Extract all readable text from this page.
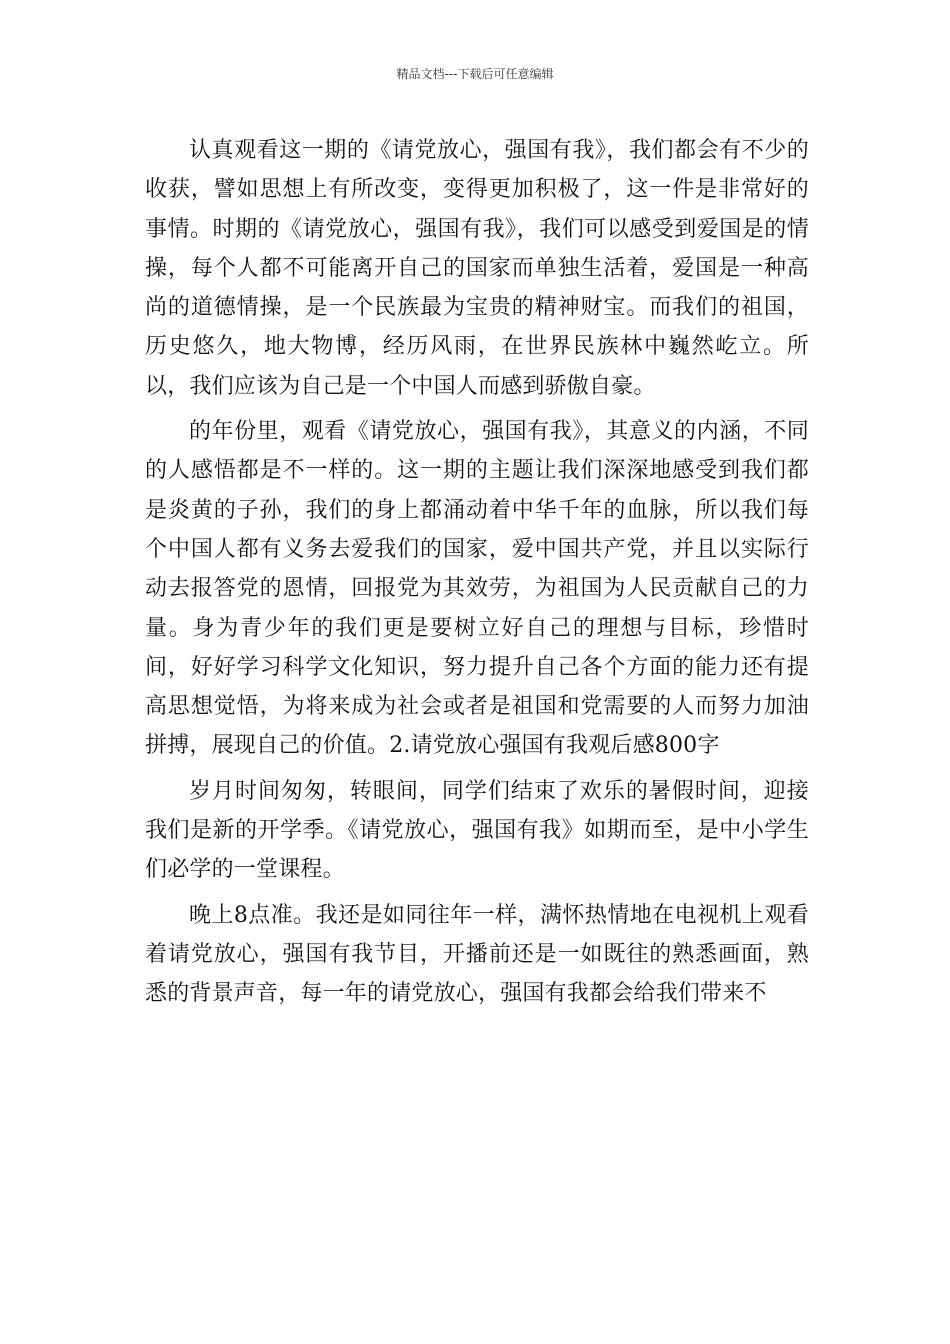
精品文档---下载后可任意编辑

认真观看这一期的《请党放心，强国有我》，我们都会有不少的收获，譬如思想上有所改变，变得更加积极了，这一件是非常好的事情。时期的《请党放心，强国有我》，我们可以感受到爱国是的情操，每个人都不可能离开自己的国家而单独生活着，爱国是一种高尚的道德情操，是一个民族最为宝贵的精神财宝。而我们的祖国，历史悠久，地大物博，经历风雨，在世界民族林中巍然屹立。所以，我们应该为自己是一个中国人而感到骄傲自豪。

的年份里，观看《请党放心，强国有我》，其意义的内涵，不同的人感悟都是不一样的。这一期的主题让我们深深地感受到我们都是炎黄的子孙，我们的身上都涌动着中华千年的血脉，所以我们每个中国人都有义务去爱我们的国家，爱中国共产党，并且以实际行动去报答党的恩情，回报党为其效劳，为祖国为人民贡献自己的力量。身为青少年的我们更是要树立好自己的理想与目标，珍惜时间，好好学习科学文化知识，努力提升自己各个方面的能力还有提高思想觉悟，为将来成为社会或者是祖国和党需要的人而努力加油拼搏，展现自己的价值。2.请党放心强国有我观后感800字

岁月时间匆匆，转眼间，同学们结束了欢乐的暑假时间，迎接我们是新的开学季。《请党放心，强国有我》如期而至，是中小学生们必学的一堂课程。

晚上8点准。我还是如同往年一样，满怀热情地在电视机上观看着请党放心，强国有我节目，开播前还是一如既往的熟悉画面，熟悉的背景声音，每一年的请党放心，强国有我都会给我们带来不
